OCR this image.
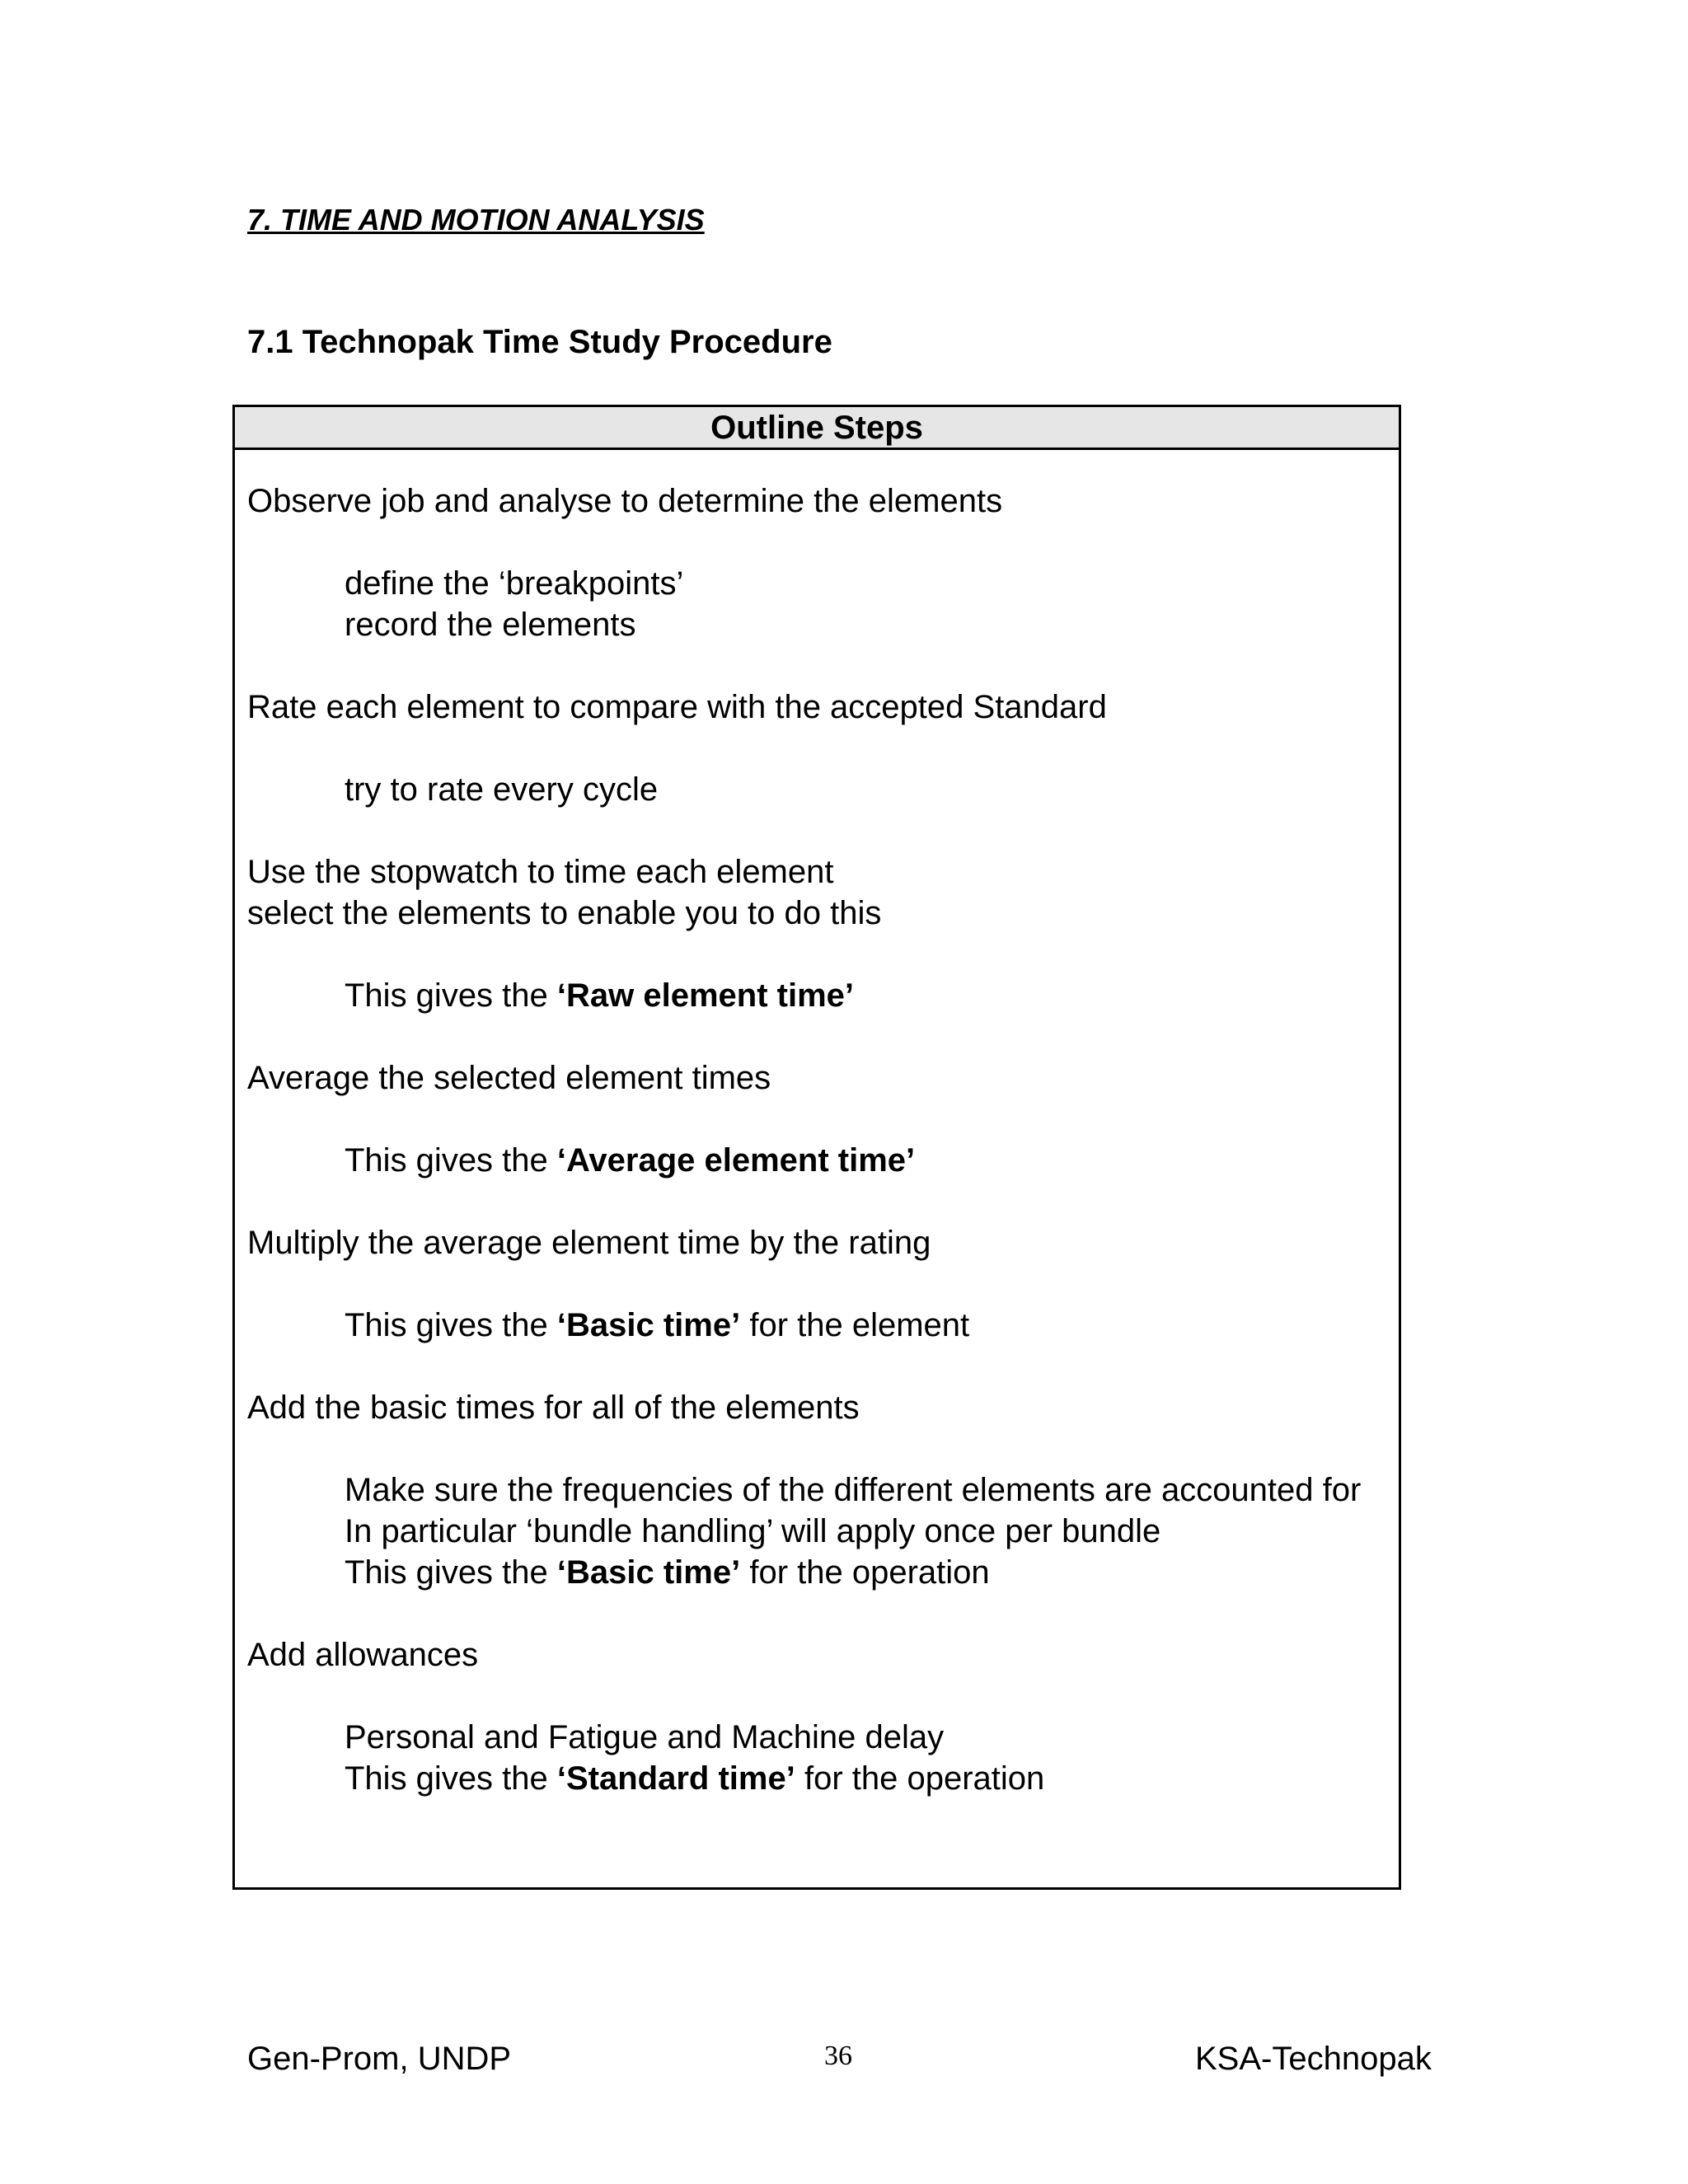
7. TIME AND MOTION ANALYSIS
7.1 Technopak Time Study Procedure
Outline Steps
Observe job and analyse to determine the elements
define the ‘breakpoints’
record the elements
Rate each element to compare with the accepted Standard
try to rate every cycle
Use the stopwatch to time each element
select the elements to enable you to do this
This gives the ‘Raw element time’
Average the selected element times
This gives the ‘Average element time’
Multiply the average element time by the rating
This gives the ‘Basic time’ for the element
Add the basic times for all of the elements
Make sure the frequencies of the different elements are accounted for
In particular ‘bundle handling’ will apply once per bundle
This gives the ‘Basic time’ for the operation
Add allowances
Personal and Fatigue and Machine delay
This gives the ‘Standard time’ for the operation
Gen-Prom, UNDP	36	KSA-Technopak
